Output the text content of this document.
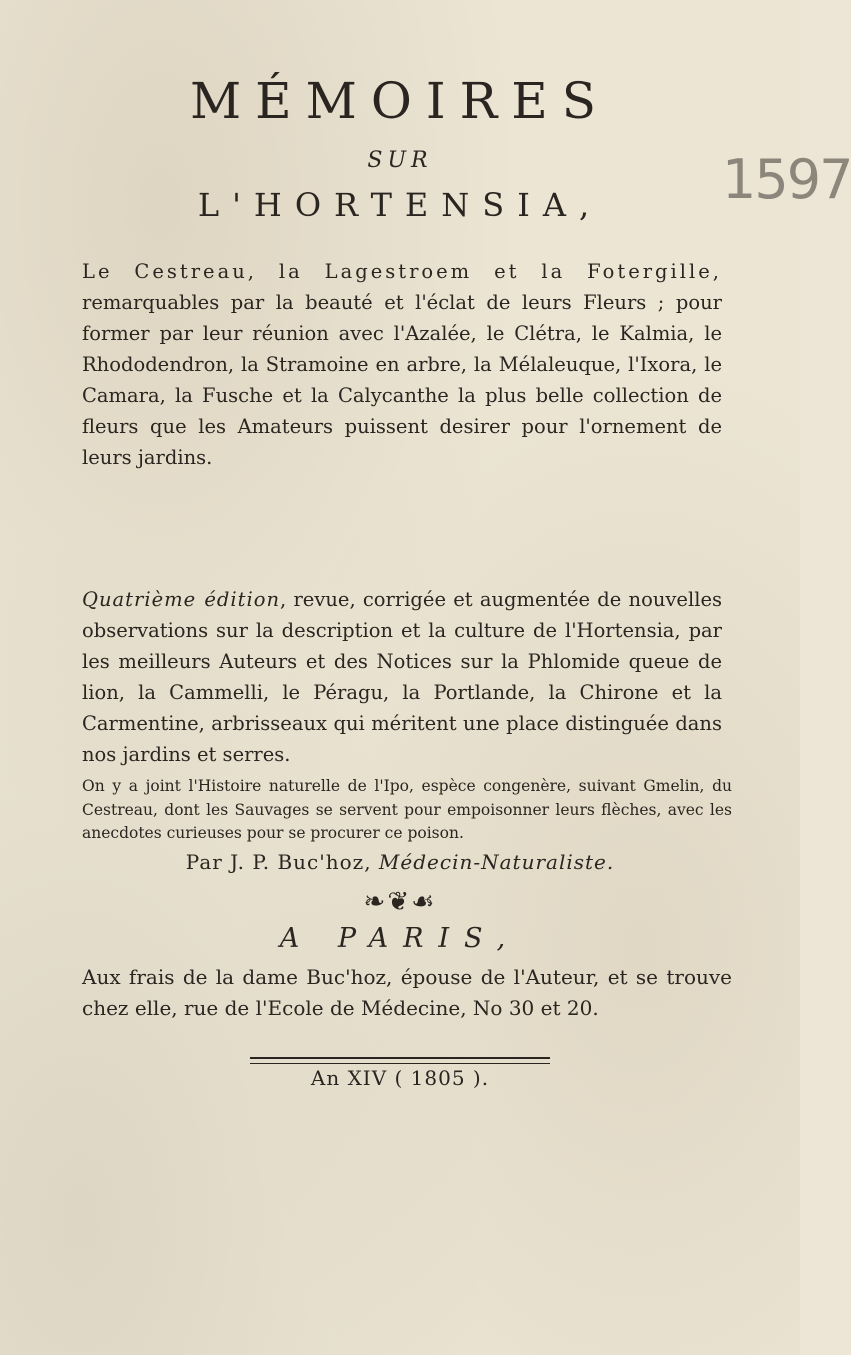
MÉMOIRES
SUR
L'HORTENSIA,	1597
Le Cestreau, la Lagestroem et la Fotergille, remarquables par la beauté et l'éclat de leurs Fleurs ; pour former par leur réunion avec l'Azalée, le Clétra, le Kalmia, le Rhododendron, la Stramoine en arbre, la Mélaleuque, l'Ixora, le Camara, la Fusche et la Calycanthe la plus belle collection de fleurs que les Amateurs puissent desirer pour l'ornement de leurs jardins.
Quatrième édition, revue, corrigée et augmentée de nouvelles observations sur la description et la culture de l'Hortensia, par les meilleurs Auteurs et des Notices sur la Phlomide queue de lion, la Cammelli, le Péragu, la Portlande, la Chirone et la Carmentine, arbrisseaux qui méritent une place distinguée dans nos jardins et serres.
On y a joint l'Histoire naturelle de l'Ipo, espèce congenère, suivant Gmelin, du Cestreau, dont les Sauvages se servent pour empoisonner leurs flèches, avec les anecdotes curieuses pour se procurer ce poison.
Par J. P. Buc'hoz, Médecin-Naturaliste.
❧❦☙
A PARIS,
Aux frais de la dame Buc'hoz, épouse de l'Auteur, et se trouve chez elle, rue de l'Ecole de Médecine, No 30 et 20.
An XIV ( 1805 ).
